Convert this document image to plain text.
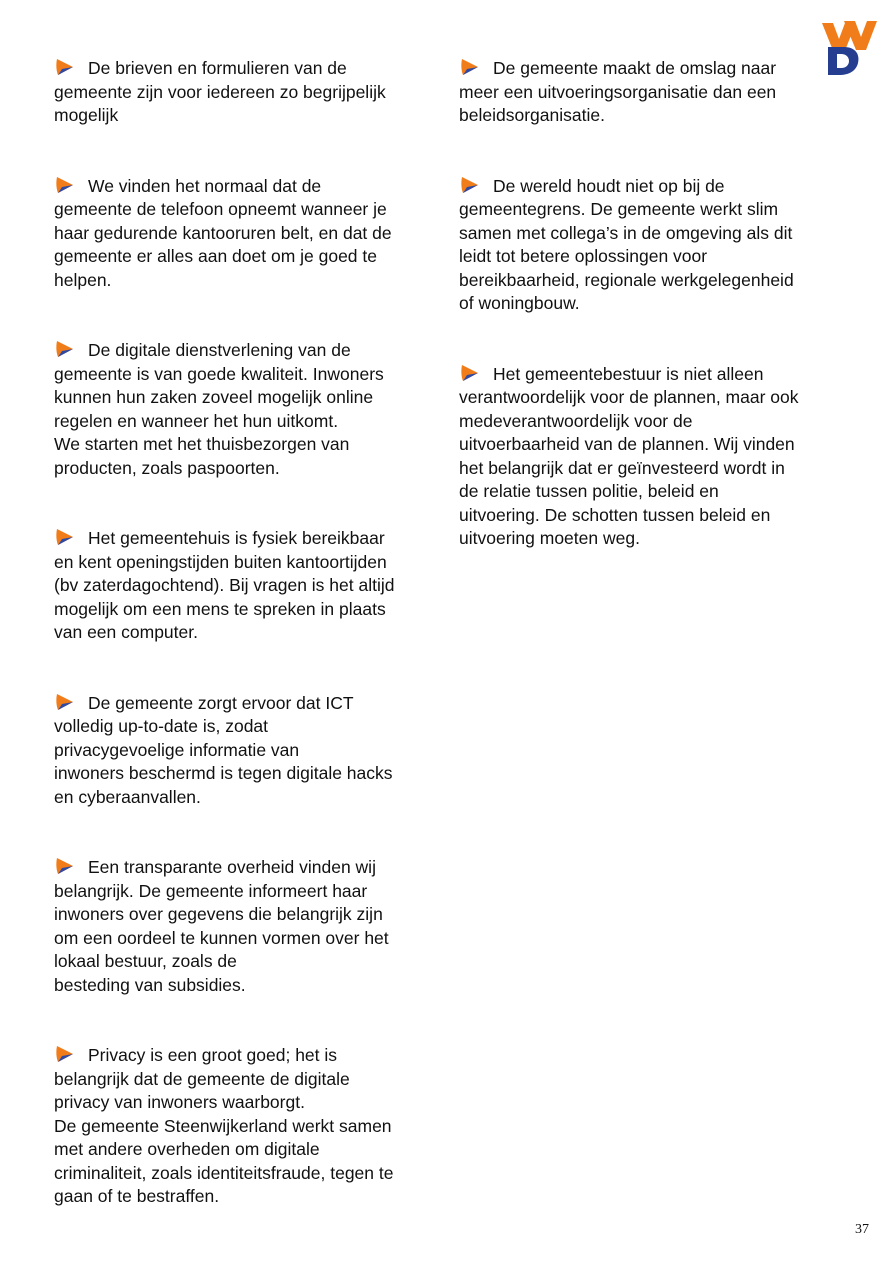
De brieven en formulieren van de
gemeente zijn voor iedereen zo begrijpelijk
mogelijk
We vinden het normaal dat de
gemeente de telefoon opneemt wanneer je
haar gedurende kantooruren belt, en dat de
gemeente er alles aan doet om je goed te
helpen.
De digitale dienstverlening van de
gemeente is van goede kwaliteit. Inwoners
kunnen hun zaken zoveel mogelijk online
regelen en wanneer het hun uitkomt.
We starten met het thuisbezorgen van
producten, zoals paspoorten.
Het gemeentehuis is fysiek bereikbaar
en kent openingstijden buiten kantoortijden
(bv zaterdagochtend). Bij vragen is het altijd
mogelijk om een mens te spreken in plaats
van een computer.
De gemeente zorgt ervoor dat ICT
volledig up-to-date is, zodat
privacygevoelige informatie van
inwoners beschermd is tegen digitale hacks
en cyberaanvallen.
Een transparante overheid vinden wij
belangrijk. De gemeente informeert haar
inwoners over gegevens die belangrijk zijn
om een oordeel te kunnen vormen over het
lokaal bestuur, zoals de
besteding van subsidies.
Privacy is een groot goed; het is
belangrijk dat de gemeente de digitale
privacy van inwoners waarborgt.
De gemeente Steenwijkerland werkt samen
met andere overheden om digitale
criminaliteit, zoals identiteitsfraude, tegen te
gaan of te bestraffen.
De gemeente maakt de omslag naar
meer een uitvoeringsorganisatie dan een
beleidsorganisatie.
De wereld houdt niet op bij de
gemeentegrens. De gemeente werkt slim
samen met collega’s in de omgeving als dit
leidt tot betere oplossingen voor
bereikbaarheid, regionale werkgelegenheid
of woningbouw.
Het gemeentebestuur is niet alleen
verantwoordelijk voor de plannen, maar ook
medeverantwoordelijk voor de
uitvoerbaarheid van de plannen. Wij vinden
het belangrijk dat er geïnvesteerd wordt in
de relatie tussen politie, beleid en
uitvoering. De schotten tussen beleid en
uitvoering moeten weg.
37
